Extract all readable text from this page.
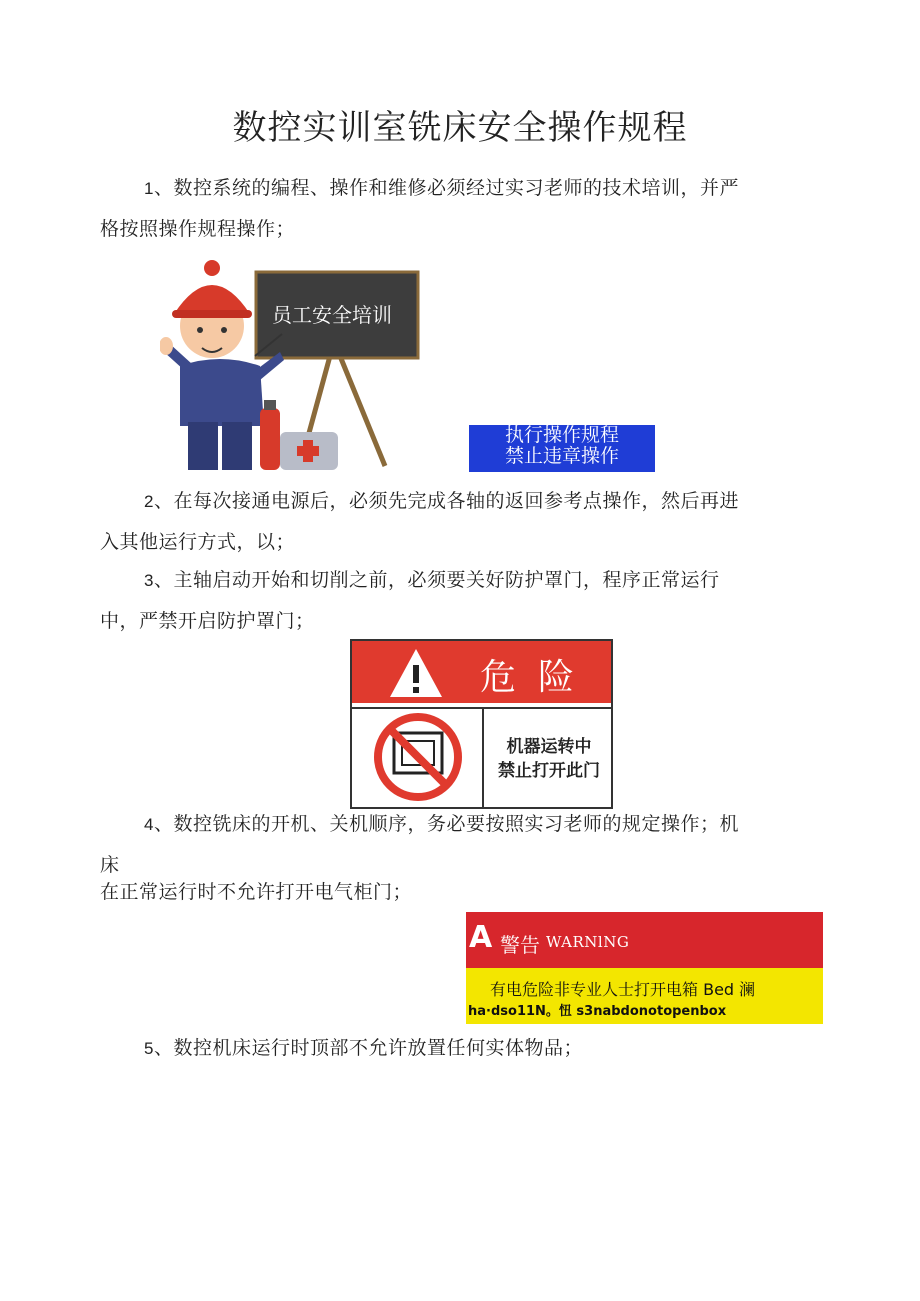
数控实训室铣床安全操作规程
1、数控系统的编程、操作和维修必须经过实习老师的技术培训，并严
格按照操作规程操作；
员工安全培训
执行操作规程
禁止违章操作
2、在每次接通电源后，必须先完成各轴的返回参考点操作，然后再进
入其他运行方式，以；
3、主轴启动开始和切削之前，必须要关好防护罩门，程序正常运行
中，严禁开启防护罩门；
危险
机器运转中
禁止打开此门
4、数控铣床的开机、关机顺序，务必要按照实习老师的规定操作；机
床
在正常运行时不允许打开电气柜门；
A 警告 WARNlNG
有电危险非专业人士打开电箱 Bed 澜
ha·dso11N。忸 s3nabdonotopenbox
5、数控机床运行时顶部不允许放置任何实体物品；
